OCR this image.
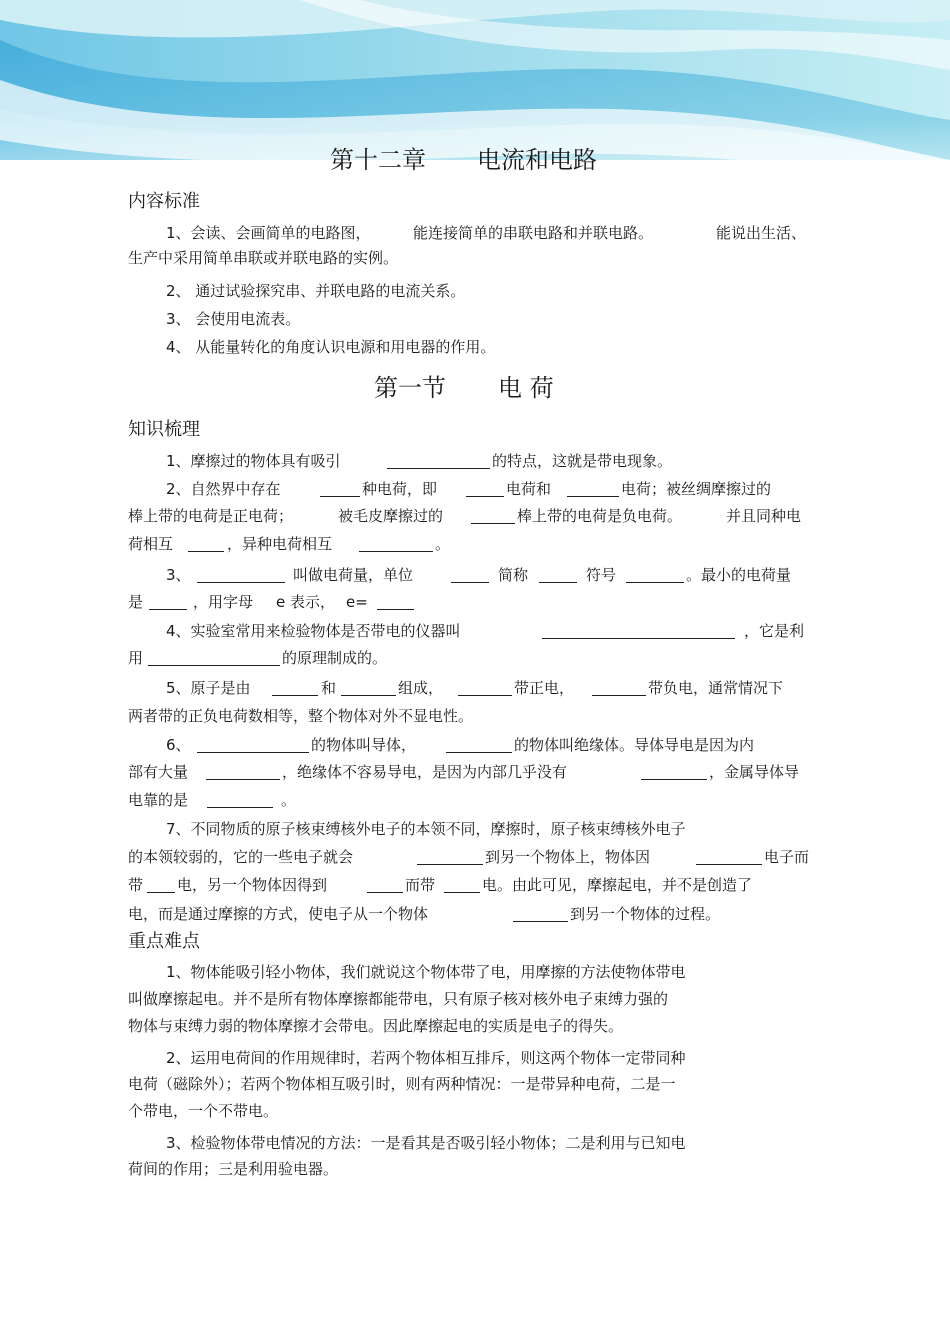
第十二章 电流和电路
内容标准
1、会读、会画简单的电路图，	能连接简单的串联电路和并联电路。	能说出生活、
生产中采用简单串联或并联电路的实例。
2、 通过试验探究串、并联电路的电流关系。
3、 会使用电流表。
4、 从能量转化的角度认识电源和用电器的作用。
第一节 电 荷
知识梳理
1、摩擦过的物体具有吸引	的特点，这就是带电现象。
2、自然界中存在	种电荷，即	电荷和	电荷；被丝绸摩擦过的
棒上带的电荷是正电荷；	被毛皮摩擦过的	棒上带的电荷是负电荷。	并且同种电
荷相互	，异种电荷相互	。
3、	叫做电荷量，单位	简称	符号	。最小的电荷量
是	，用字母 e 表示， e=
4、实验室常用来检验物体是否带电的仪器叫	，它是利
用	的原理制成的。
5、原子是由	和	组成，	带正电，	带负电，通常情况下
两者带的正负电荷数相等，整个物体对外不显电性。
6、	的物体叫导体，	的物体叫绝缘体。导体导电是因为内
部有大量	，绝缘体不容易导电，是因为内部几乎没有	，金属导体导
电靠的是	。
7、不同物质的原子核束缚核外电子的本领不同，摩擦时，原子核束缚核外电子
的本领较弱的，它的一些电子就会	到另一个物体上，物体因	电子而
带 电，另一个物体因得到	而带	电。由此可见，摩擦起电，并不是创造了
电，而是通过摩擦的方式，使电子从一个物体	到另一个物体的过程。
重点难点
1、物体能吸引轻小物体，我们就说这个物体带了电，用摩擦的方法使物体带电
叫做摩擦起电。并不是所有物体摩擦都能带电，只有原子核对核外电子束缚力强的
物体与束缚力弱的物体摩擦才会带电。因此摩擦起电的实质是电子的得失。
2、运用电荷间的作用规律时，若两个物体相互排斥，则这两个物体一定带同种
电荷（磁除外）；若两个物体相互吸引时，则有两种情况：一是带异种电荷，二是一
个带电，一个不带电。
3、检验物体带电情况的方法：一是看其是否吸引轻小物体；二是利用与已知电
荷间的作用；三是利用验电器。
